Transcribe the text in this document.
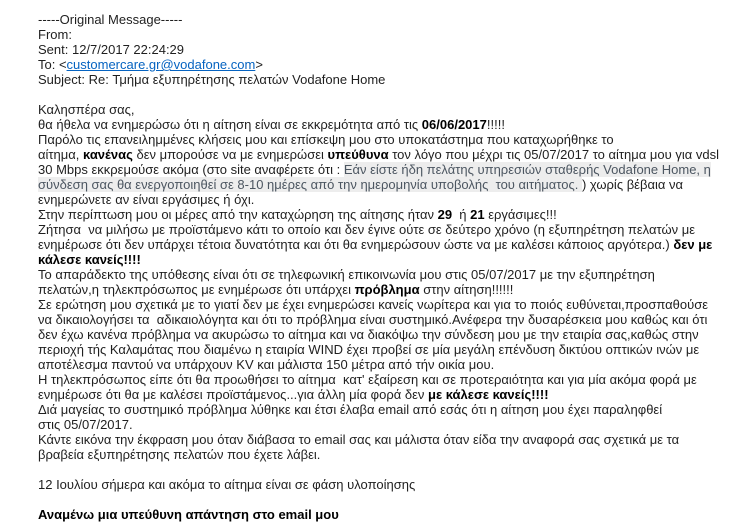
-----Original Message-----
From:
Sent: 12/7/2017 22:24:29
To: <customercare.gr@vodafone.com>
Subject: Re: Τμήμα εξυπηρέτησης πελατών Vodafone Home

Καλησπέρα σας,
θα ήθελα να ενημερώσω ότι η αίτηση είναι σε εκκρεμότητα από τις 06/06/2017!!!!!
Παρόλο τις επανειλημμένες κλήσεις μου και επίσκεψη μου στο υποκατάστημα που καταχωρήθηκε το
αίτημα, κανένας δεν μπορούσε να με ενημερώσει υπεύθυνα τον λόγο που μέχρι τις 05/07/2017 το αίτημα μου για vdsl
30 Mbps εκκρεμούσε ακόμα (στο site αναφέρετε ότι : Εάν είστε ήδη πελάτης υπηρεσιών σταθερής Vodafone Home, η
σύνδεση σας θα ενεργοποιηθεί σε 8-10 ημέρες από την ημερομηνία υποβολής  του αιτήματος. ) χωρίς βέβαια να
ενημερώνετε αν είναι εργάσιμες ή όχι.
Στην περίπτωση μου οι μέρες από την καταχώρηση της αίτησης ήταν 29  ή 21 εργάσιμες!!!
Ζήτησα  να μιλήσω με προϊστάμενο κάτι το οποίο και δεν έγινε ούτε σε δεύτερο χρόνο (η εξυπηρέτηση πελατών με
ενημέρωσε ότι δεν υπάρχει τέτοια δυνατότητα και ότι θα ενημερώσουν ώστε να με καλέσει κάποιος αργότερα.) δεν με
κάλεσε κανείς!!!!
Το απαράδεκτο της υπόθεσης είναι ότι σε τηλεφωνική επικοινωνία μου στις 05/07/2017 με την εξυπηρέτηση
πελατών,η τηλεκπρόσωπος με ενημέρωσε ότι υπάρχει πρόβλημα στην αίτηση!!!!!!
Σε ερώτηση μου σχετικά με το γιατί δεν με έχει ενημερώσει κανείς νωρίτερα και για το ποιός ευθύνεται,προσπαθούσε
να δικαιολογήσει τα  αδικαιολόγητα και ότι το πρόβλημα είναι συστημικό.Ανέφερα την δυσαρέσκεια μου καθώς και ότι
δεν έχω κανένα πρόβλημα να ακυρώσω το αίτημα και να διακόψω την σύνδεση μου με την εταιρία σας,καθώς στην
περιοχή τής Καλαμάτας που διαμένω η εταιρία WIND έχει προβεί σε μία μεγάλη επένδυση δικτύου οπτικών ινών με
αποτέλεσμα παντού να υπάρχουν KV και μάλιστα 150 μέτρα από τήν οικία μου.
Η τηλεκπρόσωπος είπε ότι θα προωθήσει το αίτημα  κατ' εξαίρεση και σε προτεραιότητα και για μία ακόμα φορά με
ενημέρωσε ότι θα με καλέσει προϊστάμενος...για άλλη μία φορά δεν με κάλεσε κανείς!!!!
Διά μαγείας το συστημικό πρόβλημα λύθηκε και έτσι έλαβα email από εσάς ότι η αίτηση μου έχει παραληφθεί
στις 05/07/2017.
Κάντε εικόνα την έκφραση μου όταν διάβασα το email σας και μάλιστα όταν είδα την αναφορά σας σχετικά με τα
βραβεία εξυπηρέτησης πελατών που έχετε λάβει.

12 Ιουλίου σήμερα και ακόμα το αίτημα είναι σε φάση υλοποίησης

Αναμένω μια υπεύθυνη απάντηση στο email μου
